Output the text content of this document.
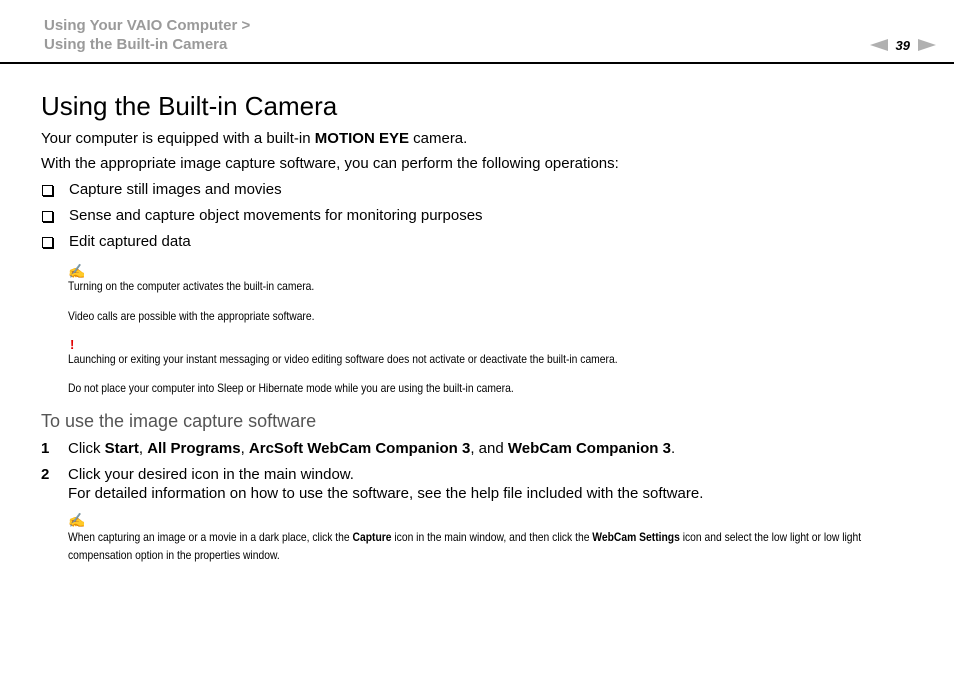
Using Your VAIO Computer >
Using the Built-in Camera	39
Using the Built-in Camera

Your computer is equipped with a built-in MOTION EYE camera.

With the appropriate image capture software, you can perform the following operations:

Capture still images and movies
Sense and capture object movements for monitoring purposes
Edit captured data
✍
Turning on the computer activates the built-in camera.
Video calls are possible with the appropriate software.
!
Launching or exiting your instant messaging or video editing software does not activate or deactivate the built-in camera.
Do not place your computer into Sleep or Hibernate mode while you are using the built-in camera.
To use the image capture software
1	Click Start, All Programs, ArcSoft WebCam Companion 3, and WebCam Companion 3.
2	Click your desired icon in the main window.
For detailed information on how to use the software, see the help file included with the software.
✍
When capturing an image or a movie in a dark place, click the Capture icon in the main window, and then click the WebCam Settings icon and select the low light or low light compensation option in the properties window.
